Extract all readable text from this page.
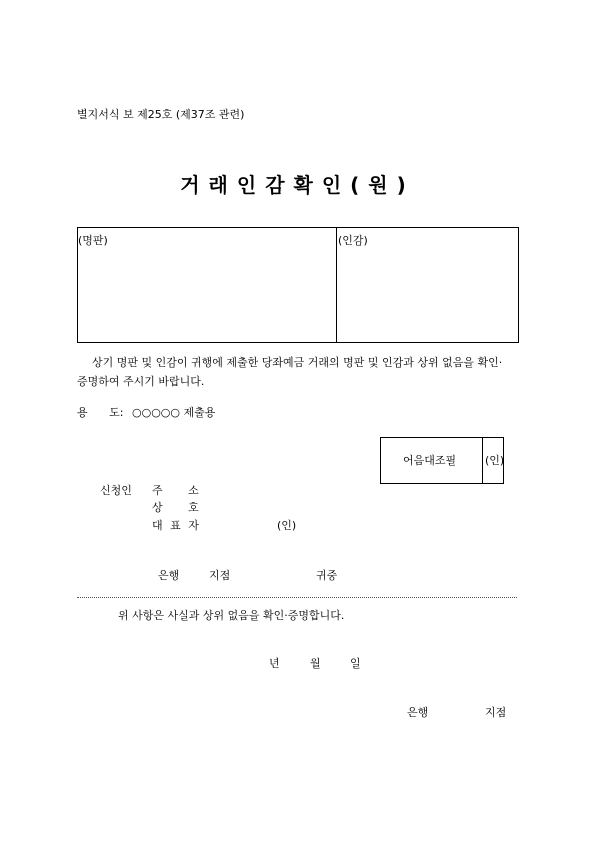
별지서식 보 제25호 (제37조 관련)
거래인감확인(원)
(명판)	(인감)
상기 명판 및 인감이 귀행에 제출한 당좌예금 거래의 명판 및 인감과 상위 없음을 확인·
증명하여 주시기 바랍니다.
용 도: ○○○○○ 제출용
어음대조필	(인)
신청인 주 소
상 호
대 표 자	(인)
은행	지점	귀중
위 사항은 사실과 상위 없음을 확인·증명합니다.
년	월	일
은행	지점
